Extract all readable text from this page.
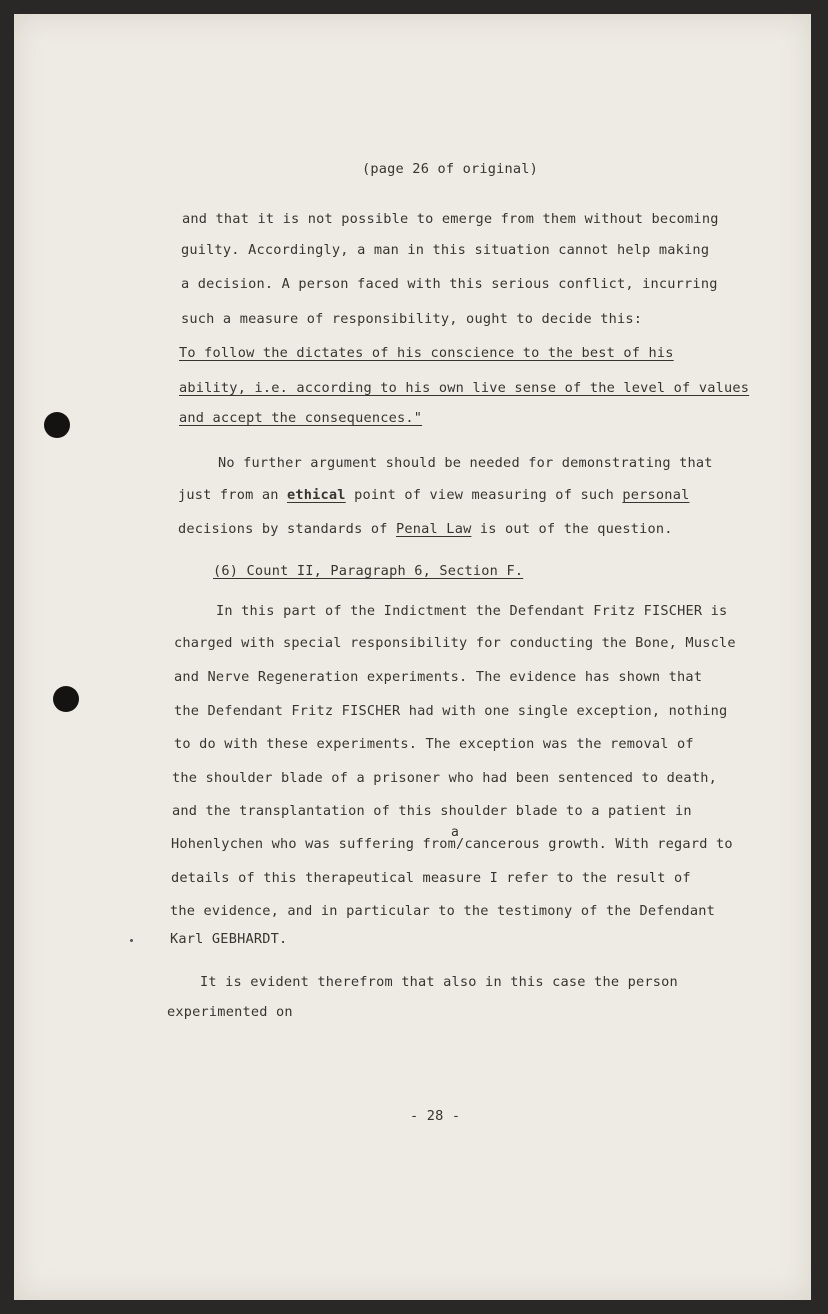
(page 26 of original)
and that it is not possible to emerge from them without becoming
guilty. Accordingly, a man in this situation cannot help making
a decision. A person faced with this serious conflict, incurring
such a measure of responsibility, ought to decide this:
To follow the dictates of his conscience to the best of his
ability, i.e. according to his own live sense of the level of values
and accept the consequences."
No further argument should be needed for demonstrating that
just from an ethical point of view measuring of such personal
decisions by standards of Penal Law is out of the question.
(6) Count II, Paragraph 6, Section F.
In this part of the Indictment the Defendant Fritz FISCHER is
charged with special responsibility for conducting the Bone, Muscle
and Nerve Regeneration experiments. The evidence has shown that
the Defendant Fritz FISCHER had with one single exception, nothing
to do with these experiments. The exception was the removal of
the shoulder blade of a prisoner who had been sentenced to death,
and the transplantation of this shoulder blade to a patient in
a
Hohenlychen who was suffering from/cancerous growth. With regard to
details of this therapeutical measure I refer to the result of
the evidence, and in particular to the testimony of the Defendant
Karl GEBHARDT.
It is evident therefrom that also in this case the person
experimented on
- 28 -
